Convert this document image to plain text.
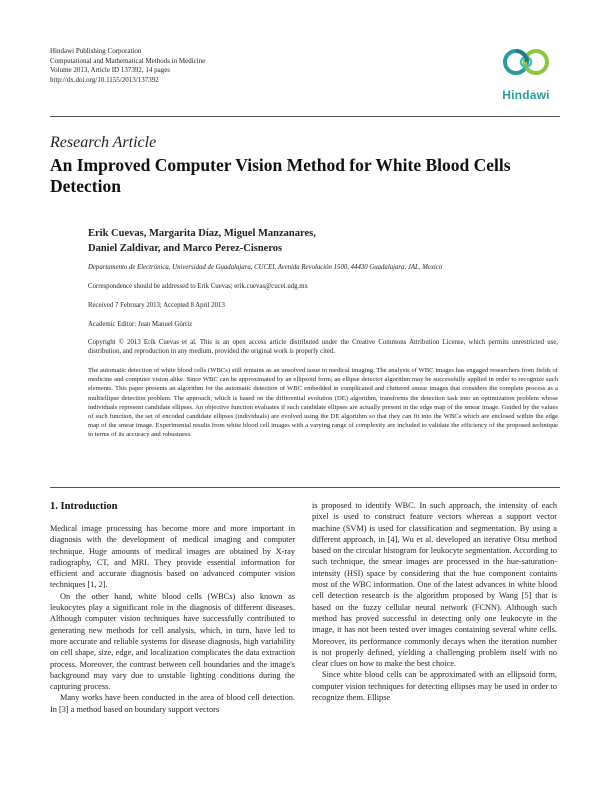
Hindawi Publishing Corporation
Computational and Mathematical Methods in Medicine
Volume 2013, Article ID 137392, 14 pages
http://dx.doi.org/10.1155/2013/137392
Hindawi
Research Article
An Improved Computer Vision Method for White Blood Cells Detection
Erik Cuevas, Margarita Díaz, Miguel Manzanares,
Daniel Zaldivar, and Marco Perez-Cisneros
Departamento de Electrónica, Universidad de Guadalajara, CUCEI, Avenida Revolución 1500, 44430 Guadalajara, JAL, Mexico
Correspondence should be addressed to Erik Cuevas; erik.cuevas@cucei.udg.mx
Received 7 February 2013; Accepted 8 April 2013
Academic Editor: Juan Manuel Górriz
Copyright © 2013 Erik Cuevas et al. This is an open access article distributed under the Creative Commons Attribution License, which permits unrestricted use, distribution, and reproduction in any medium, provided the original work is properly cited.
The automatic detection of white blood cells (WBCs) still remains as an unsolved issue in medical imaging. The analysis of WBC images has engaged researchers from fields of medicine and computer vision alike. Since WBC can be approximated by an ellipsoid form, an ellipse detector algorithm may be successfully applied in order to recognize such elements. This paper presents an algorithm for the automatic detection of WBC embedded in complicated and cluttered smear images that considers the complete process as a multiellipse detection problem. The approach, which is based on the differential evolution (DE) algorithm, transforms the detection task into an optimization problem whose individuals represent candidate ellipses. An objective function evaluates if such candidate ellipses are actually present in the edge map of the smear image. Guided by the values of such function, the set of encoded candidate ellipses (individuals) are evolved using the DE algorithm so that they can fit into the WBCs which are enclosed within the edge map of the smear image. Experimental results from white blood cell images with a varying range of complexity are included to validate the efficiency of the proposed technique in terms of its accuracy and robustness.
1. Introduction

Medical image processing has become more and more important in diagnosis with the development of medical imaging and computer technique. Huge amounts of medical images are obtained by X-ray radiography, CT, and MRI. They provide essential information for efficient and accurate diagnosis based on advanced computer vision techniques [1, 2].

On the other hand, white blood cells (WBCs) also known as leukocytes play a significant role in the diagnosis of different diseases. Although computer vision techniques have successfully contributed to generating new methods for cell analysis, which, in turn, have led to more accurate and reliable systems for disease diagnosis, high variability on cell shape, size, edge, and localization complicates the data extraction process. Moreover, the contrast between cell boundaries and the image's background may vary due to unstable lighting conditions during the capturing process.

Many works have been conducted in the area of blood cell detection. In [3] a method based on boundary support vectors

is proposed to identify WBC. In such approach, the intensity of each pixel is used to construct feature vectors whereas a support vector machine (SVM) is used for classification and segmentation. By using a different approach, in [4], Wu et al. developed an iterative Otsu method based on the circular histogram for leukocyte segmentation. According to such technique, the smear images are processed in the hue-saturation-intensity (HSI) space by considering that the hue component contains most of the WBC information. One of the latest advances in white blood cell detection research is the algorithm proposed by Wang [5] that is based on the fuzzy cellular neural network (FCNN). Although such method has proved successful in detecting only one leukocyte in the image, it has not been tested over images containing several white cells. Moreover, its performance commonly decays when the iteration number is not properly defined, yielding a challenging problem itself with no clear clues on how to make the best choice.

Since white blood cells can be approximated with an ellipsoid form, computer vision techniques for detecting ellipses may be used in order to recognize them. Ellipse
